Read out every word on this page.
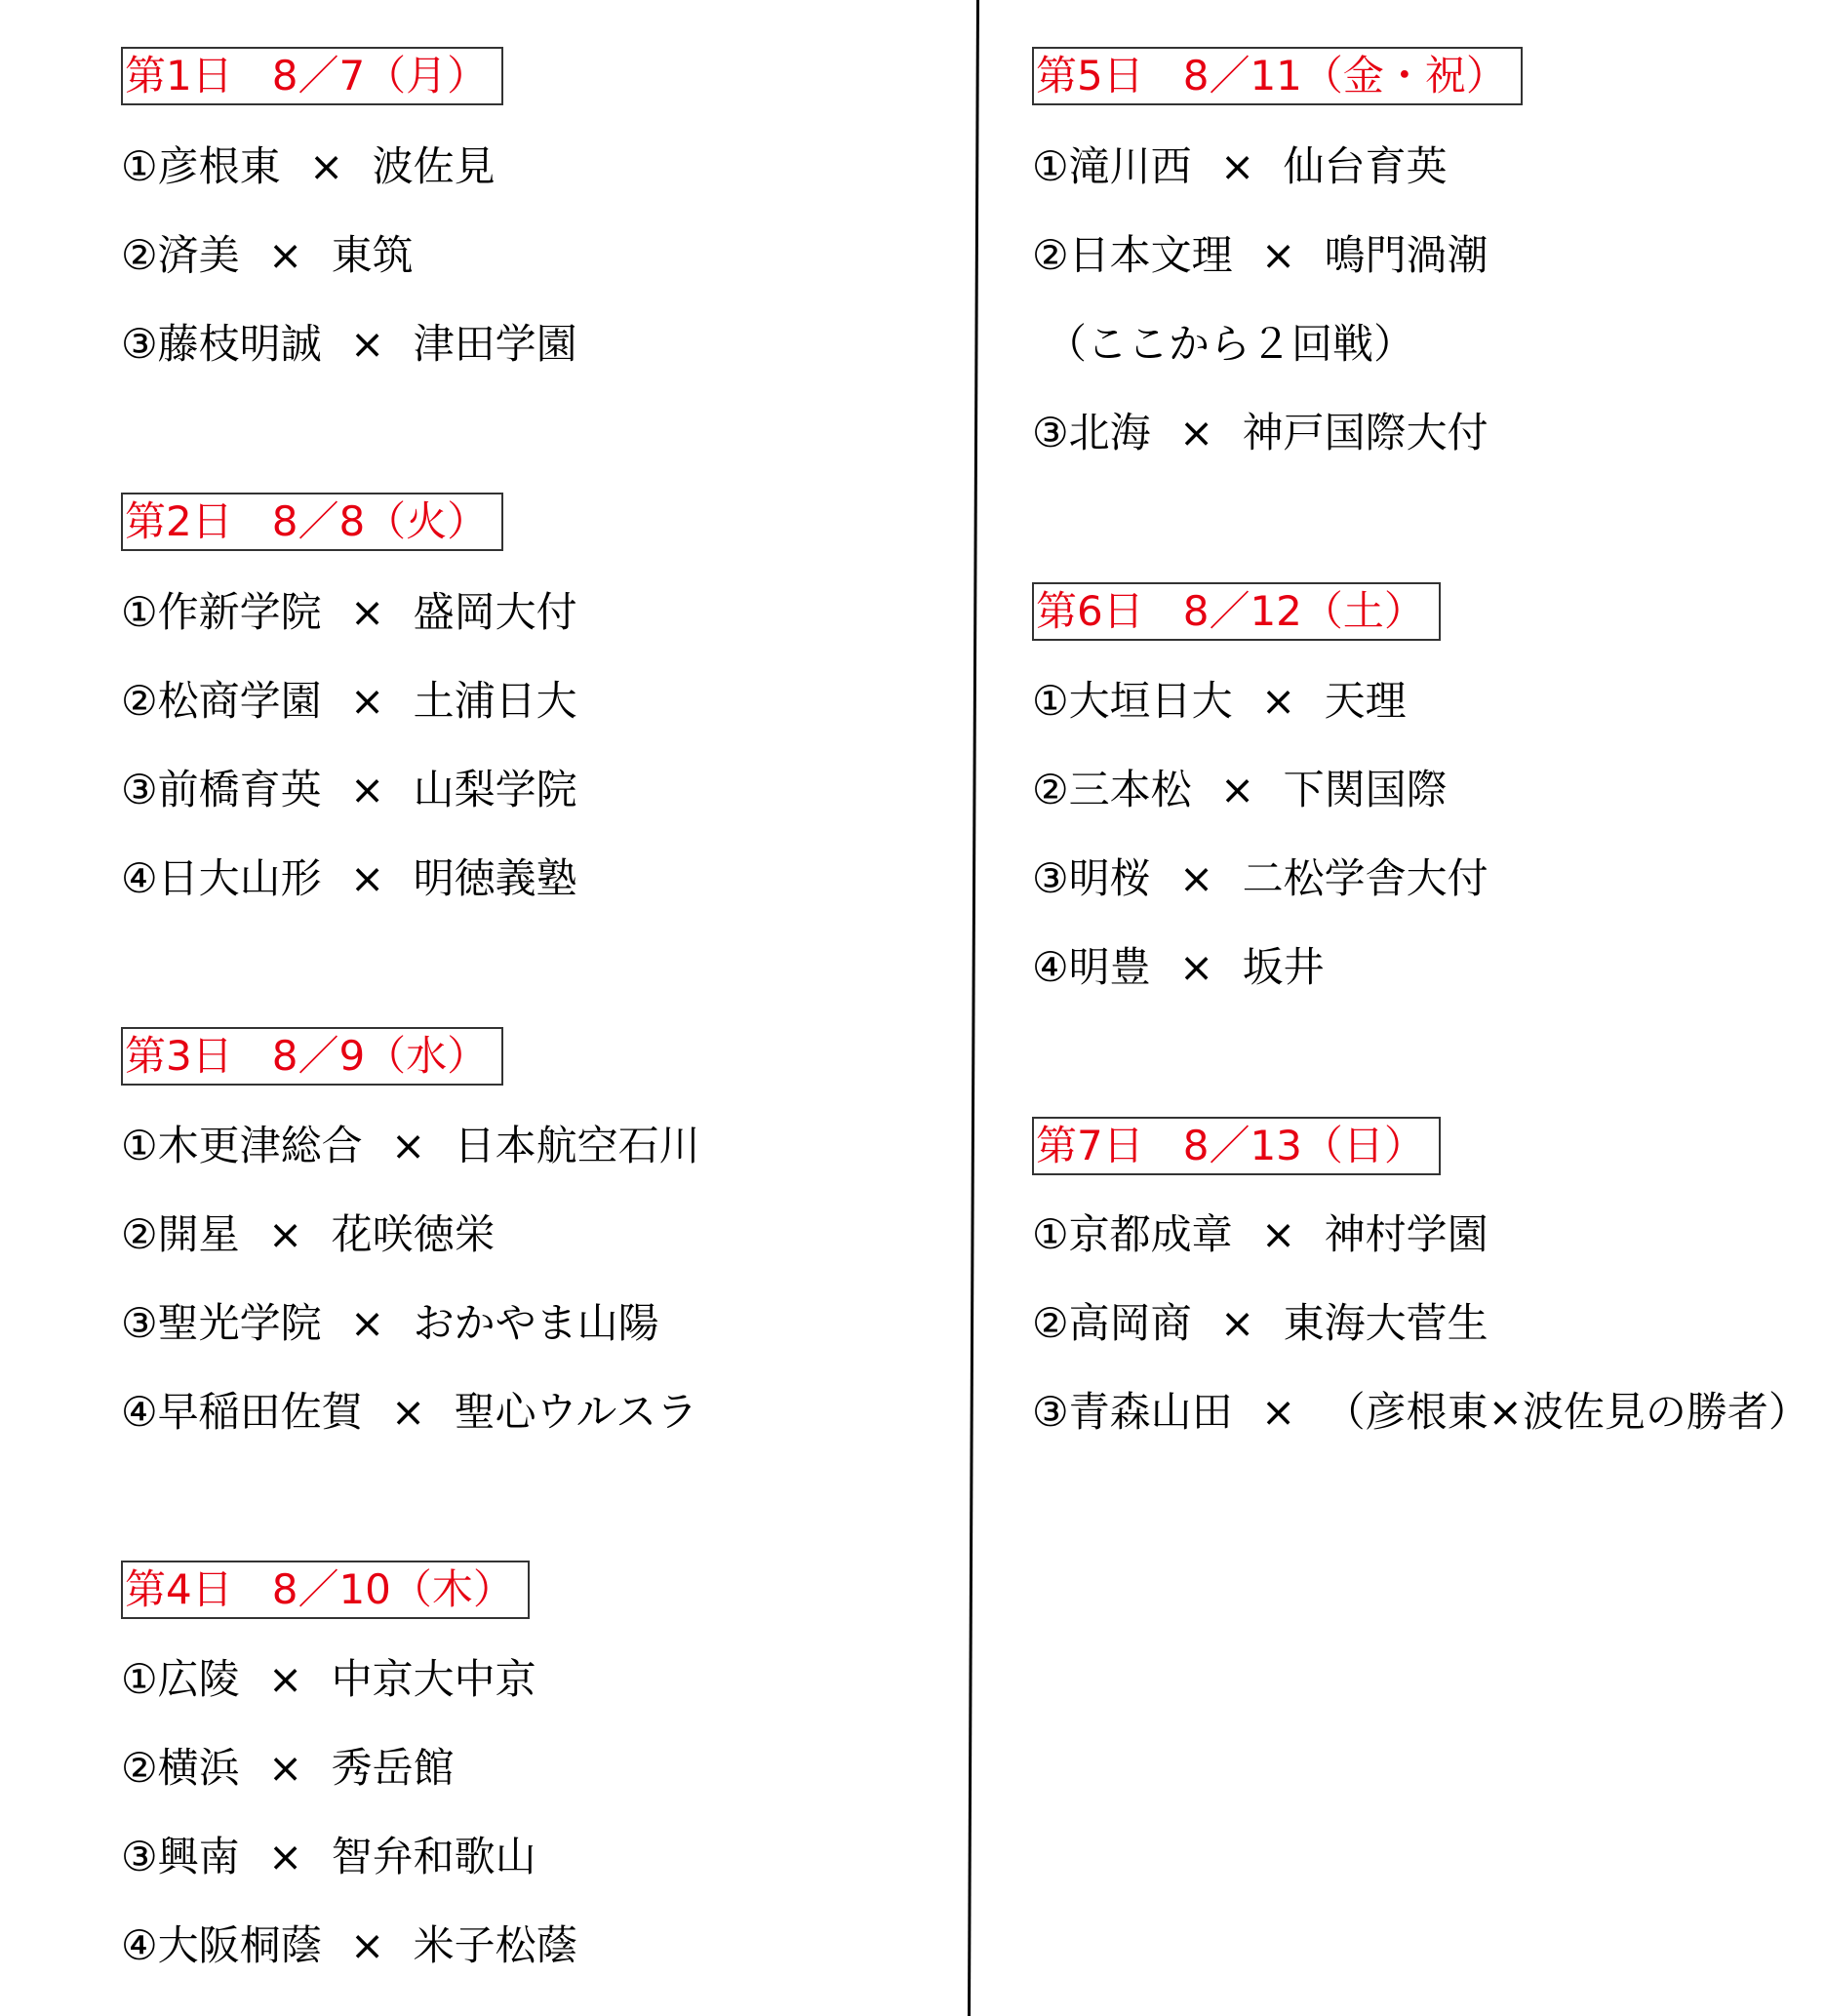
第1日 8／7（月）
①彦根東 × 波佐見
②済美 × 東筑
③藤枝明誠 × 津田学園
第2日 8／8（火）
①作新学院 × 盛岡大付
②松商学園 × 土浦日大
③前橋育英 × 山梨学院
④日大山形 × 明徳義塾
第3日 8／9（水）
①木更津総合 × 日本航空石川
②開星 × 花咲徳栄
③聖光学院 × おかやま山陽
④早稲田佐賀 × 聖心ウルスラ
第4日 8／10（木）
①広陵 × 中京大中京
②横浜 × 秀岳館
③興南 × 智弁和歌山
④大阪桐蔭 × 米子松蔭
第5日 8／11（金・祝）
①滝川西 × 仙台育英
②日本文理 × 鳴門渦潮
（ここから２回戦）
③北海 × 神戸国際大付
第6日 8／12（土）
①大垣日大 × 天理
②三本松 × 下関国際
③明桜 × 二松学舎大付
④明豊 × 坂井
第7日 8／13（日）
①京都成章 × 神村学園
②高岡商 × 東海大菅生
③青森山田 × （彦根東×波佐見の勝者）
